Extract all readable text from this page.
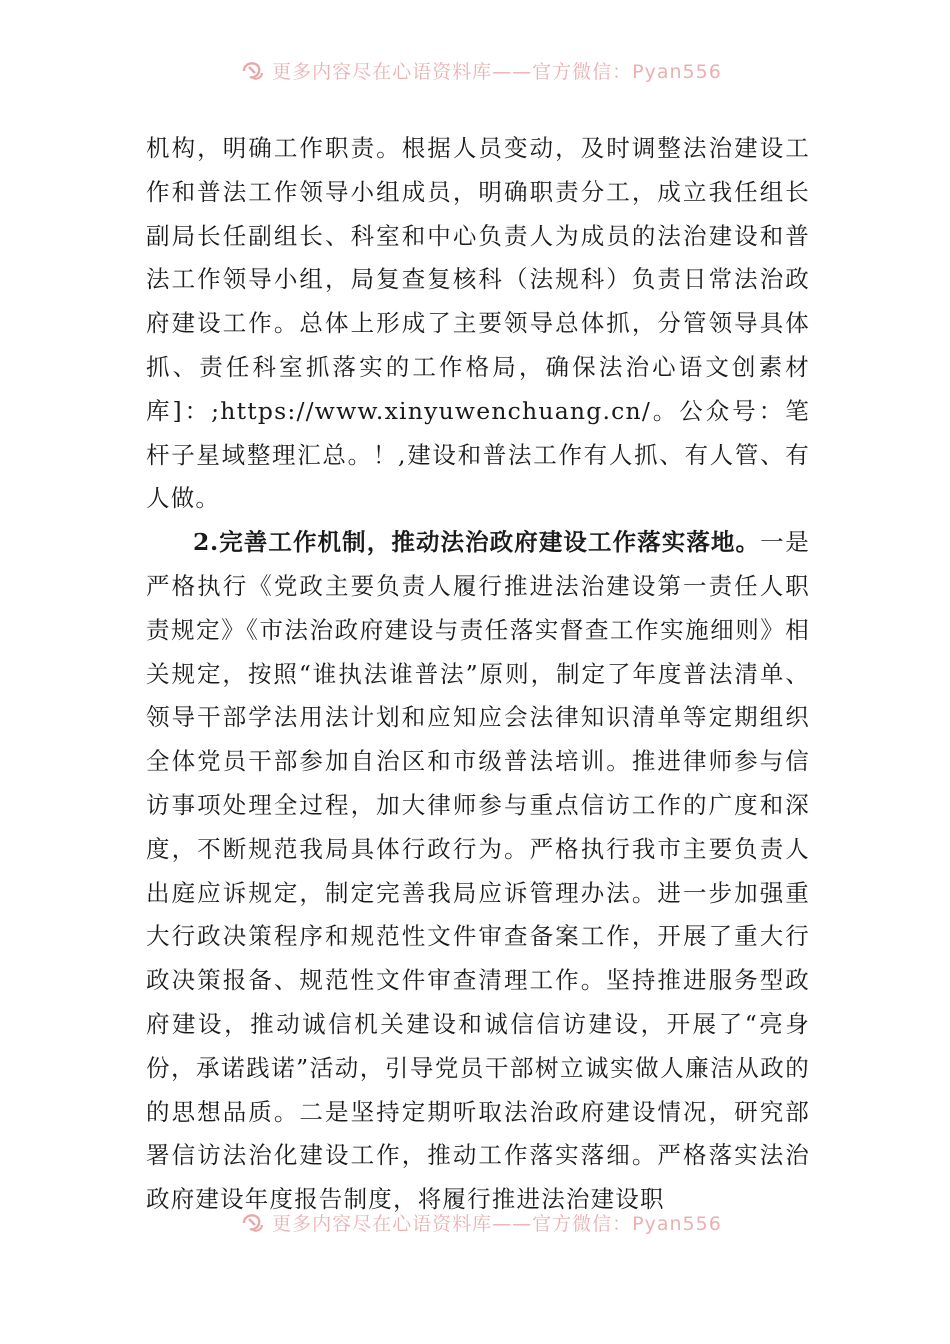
更多内容尽在心语资料库——官方微信：Pyan556

机构，明确工作职责。根据人员变动，及时调整法治建设工作和普法工作领导小组成员，明确职责分工，成立我任组长副局长任副组长、科室和中心负责人为成员的法治建设和普法工作领导小组，局复查复核科（法规科）负责日常法治政府建设工作。总体上形成了主要领导总体抓，分管领导具体抓、责任科室抓落实的工作格局，确保法治心语文创素材库]：;https://www.xinyuwenchuang.cn/。公众号：笔杆子星域整理汇总。！,建设和普法工作有人抓、有人管、有人做。

2.完善工作机制，推动法治政府建设工作落实落地。一是严格执行《党政主要负责人履行推进法治建设第一责任人职责规定》《市法治政府建设与责任落实督查工作实施细则》相关规定，按照“谁执法谁普法”原则，制定了年度普法清单、领导干部学法用法计划和应知应会法律知识清单等定期组织全体党员干部参加自治区和市级普法培训。推进律师参与信访事项处理全过程，加大律师参与重点信访工作的广度和深度，不断规范我局具体行政行为。严格执行我市主要负责人出庭应诉规定，制定完善我局应诉管理办法。进一步加强重大行政决策程序和规范性文件审查备案工作，开展了重大行政决策报备、规范性文件审查清理工作。坚持推进服务型政府建设，推动诚信机关建设和诚信信访建设，开展了“亮身份，承诺践诺”活动，引导党员干部树立诚实做人廉洁从政的的思想品质。二是坚持定期听取法治政府建设情况，研究部署信访法治化建设工作，推动工作落实落细。严格落实法治政府建设年度报告制度，将履行推进法治建设职

更多内容尽在心语资料库——官方微信：Pyan556
